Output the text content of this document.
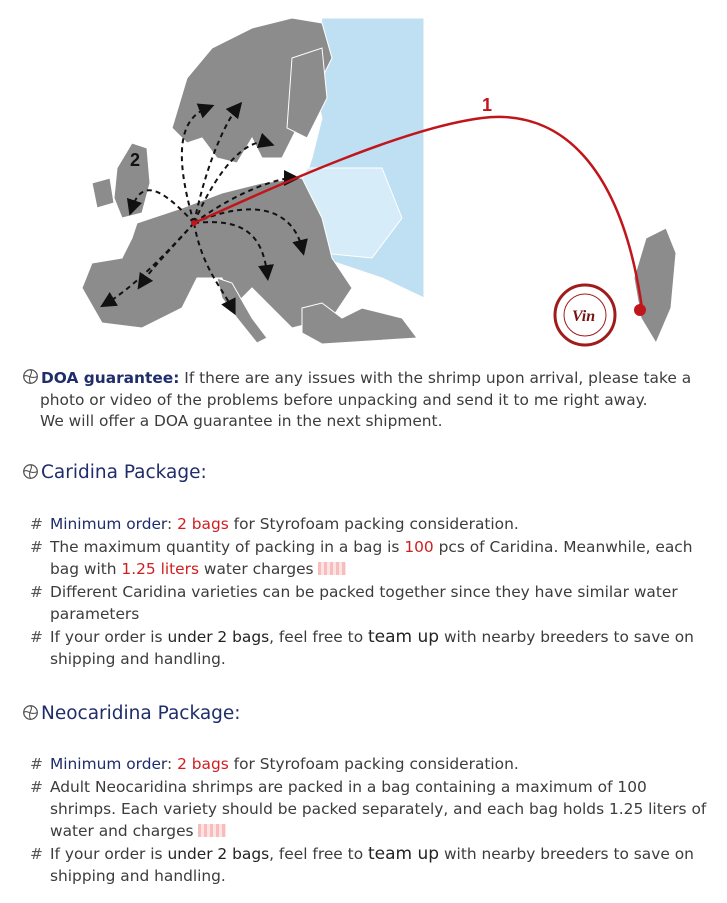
1
2
Vin
DOA guarantee: If there are any issues with the shrimp upon arrival, please take a
photo or video of the problems before unpacking and send it to me right away.
We will offer a DOA guarantee in the next shipment.
Caridina Package:
# Minimum order: 2 bags for Styrofoam packing consideration.
# The maximum quantity of packing in a bag is 100 pcs of Caridina. Meanwhile, each bag with 1.25 liters water charges
# Different Caridina varieties can be packed together since they have similar water parameters
# If your order is under 2 bags, feel free to team up with nearby breeders to save on shipping and handling.
Neocaridina Package:
# Minimum order: 2 bags for Styrofoam packing consideration.
# Adult Neocaridina shrimps are packed in a bag containing a maximum of 100 shrimps. Each variety should be packed separately, and each bag holds 1.25 liters of water and charges
# If your order is under 2 bags, feel free to team up with nearby breeders to save on shipping and handling.
